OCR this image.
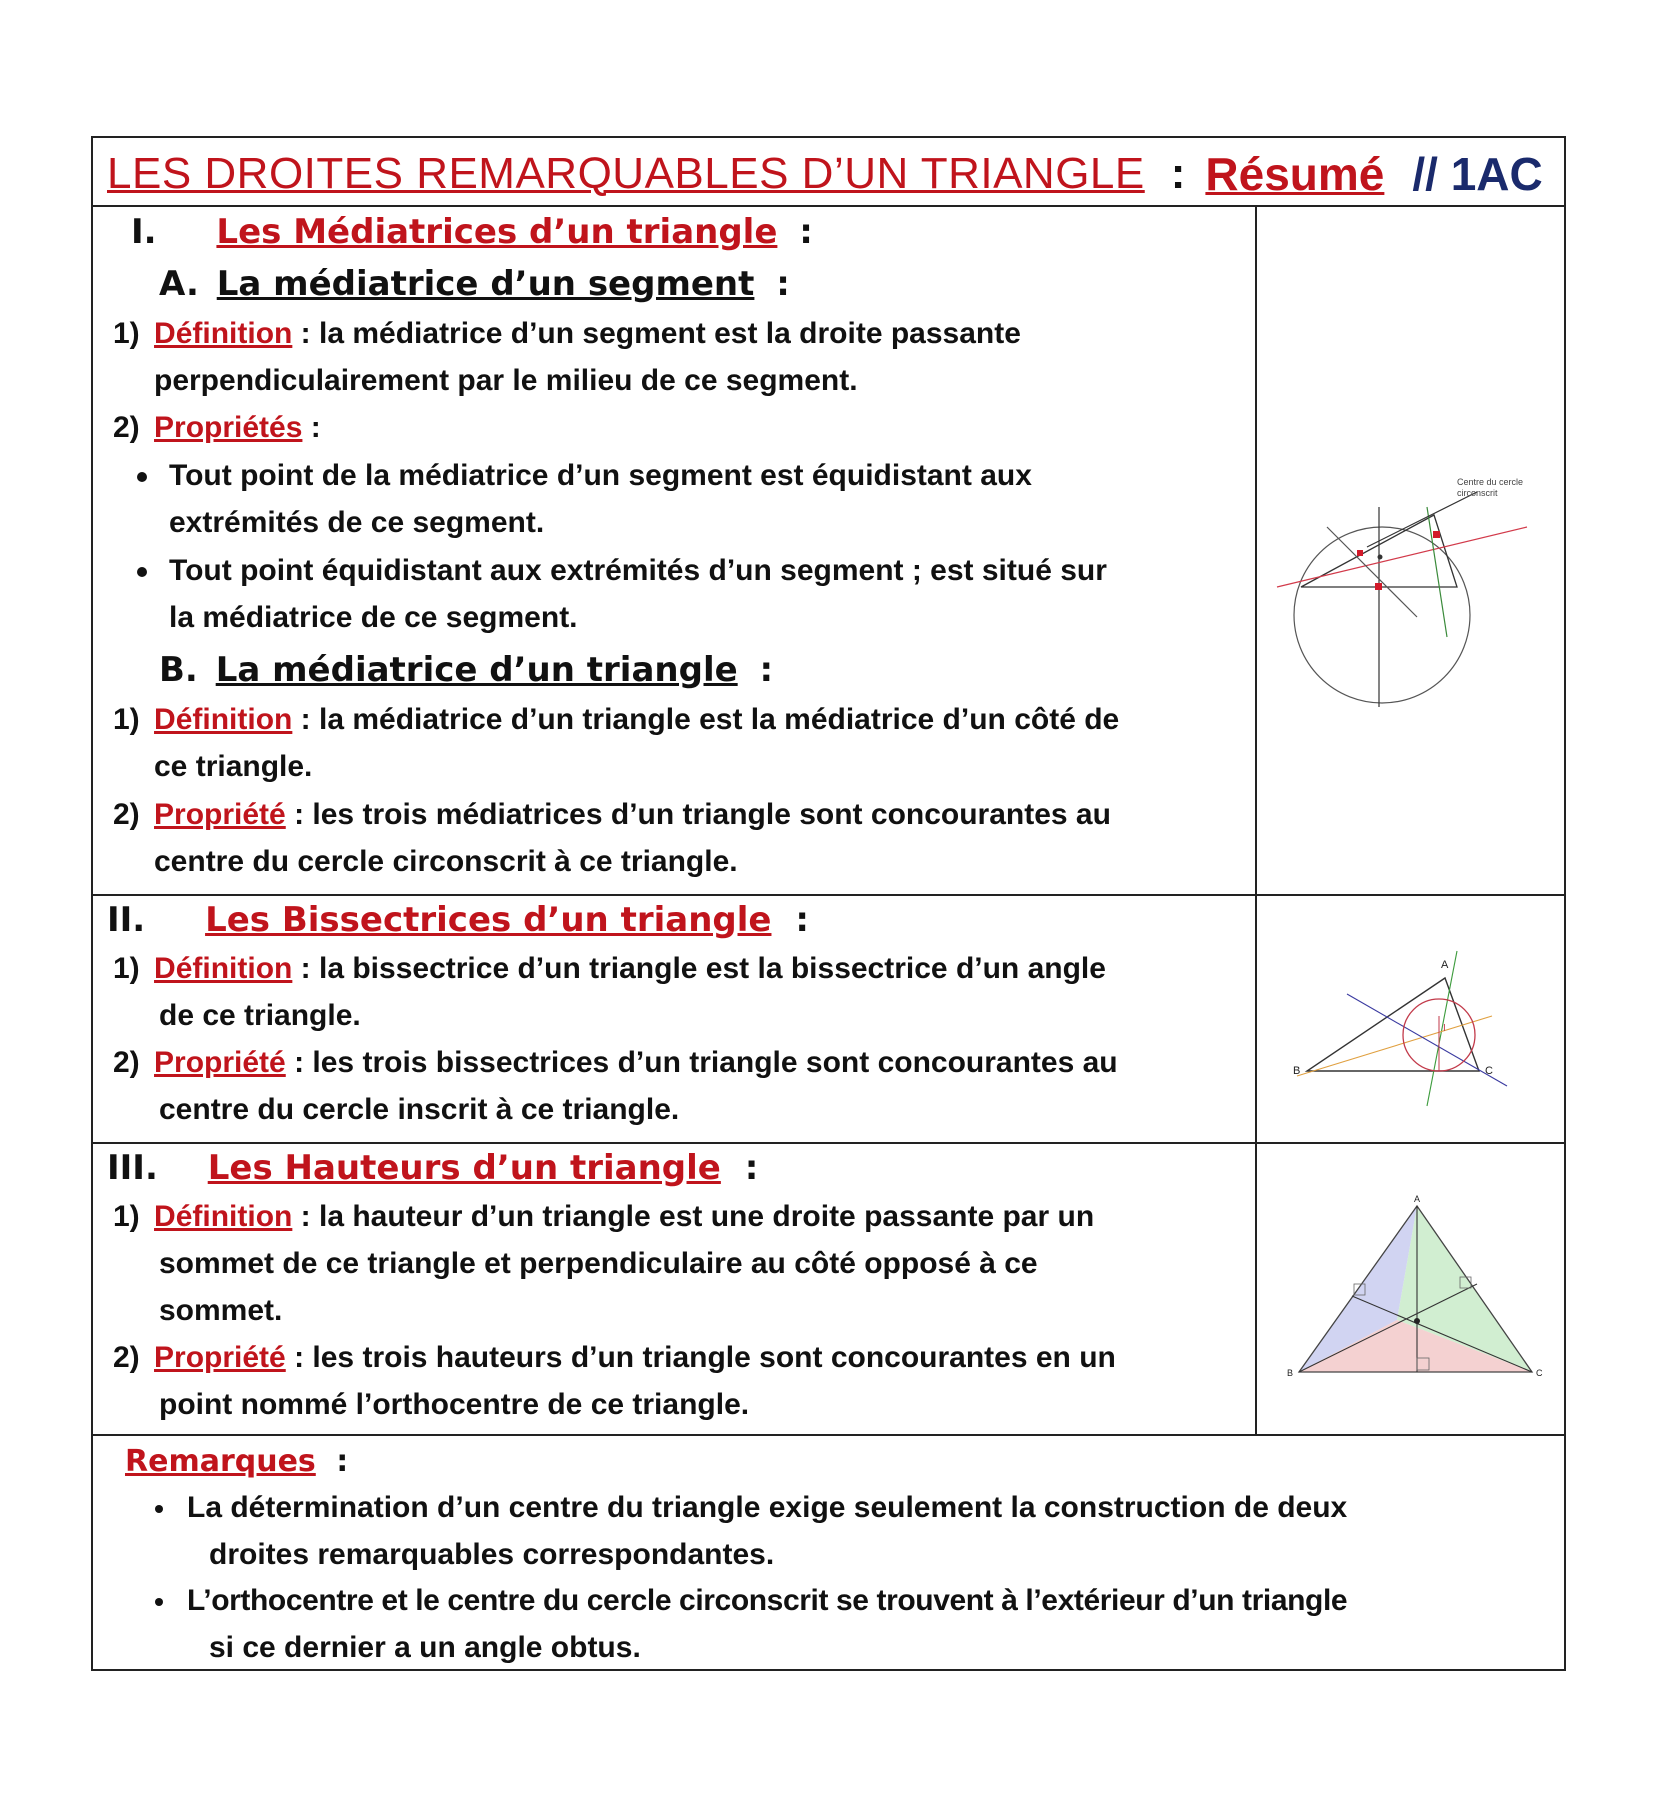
LES DROITES REMARQUABLES D’UN TRIANGLE : Résumé // 1AC
I. Les Médiatrices d’un triangle :
A. La médiatrice d’un segment :
1) Définition : la médiatrice d’un segment est la droite passante
perpendiculairement par le milieu de ce segment.
2) Propriétés :
Tout point de la médiatrice d’un segment est équidistant aux
extrémités de ce segment.
Tout point équidistant aux extrémités d’un segment ; est situé sur
la médiatrice de ce segment.
B. La médiatrice d’un triangle :
1) Définition : la médiatrice d’un triangle est la médiatrice d’un côté de
ce triangle.
2) Propriété : les trois médiatrices d’un triangle sont concourantes au
centre du cercle circonscrit à ce triangle.
Centre du cercle
circonscrit
II. Les Bissectrices d’un triangle :
1) Définition : la bissectrice d’un triangle est la bissectrice d’un angle
de ce triangle.
2) Propriété : les trois bissectrices d’un triangle sont concourantes au
centre du cercle inscrit à ce triangle.
A
B	C
I
III. Les Hauteurs d’un triangle :
1) Définition : la hauteur d’un triangle est une droite passante par un
sommet de ce triangle et perpendiculaire au côté opposé à ce
sommet.
2) Propriété : les trois hauteurs d’un triangle sont concourantes en un
point nommé l’orthocentre de ce triangle.
A
B	C
Remarques :
La détermination d’un centre du triangle exige seulement la construction de deux
droites remarquables correspondantes.
L’orthocentre et le centre du cercle circonscrit se trouvent à l’extérieur d’un triangle
si ce dernier a un angle obtus.
